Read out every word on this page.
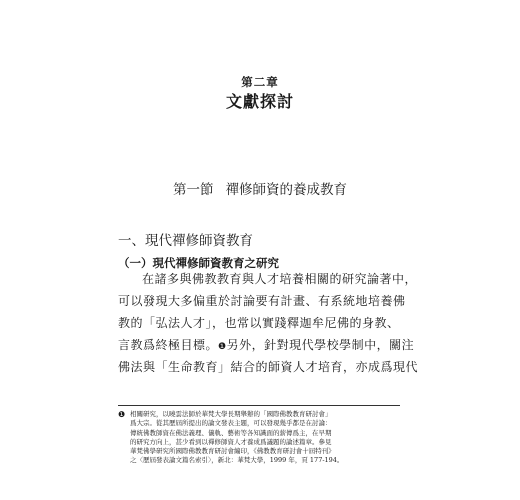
第二章
文獻探討
第一節 禪修師資的養成教育
一、現代禪修師資教育
（一）現代禪修師資教育之研究
在諸多與佛教教育與人才培養相關的研究論著中，
可以發現大多偏重於討論要有計畫、有系統地培養佛
教的「弘法人才」，也常以實踐釋迦牟尼佛的身教、
言教爲終極目標。❶另外，針對現代學校學制中，關注
佛法與「生命教育」結合的師資人才培育，亦成爲現代
❶ 相關研究，以曉雲法師於華梵大學長期舉辦的「國際佛教教育研討會」
爲大宗。從其歷屆所提出的論文發表主題，可以發現幾乎都是在討論：
傳統佛教師資在佛法義理、儀軌、藝術等各知識面的薪傳爲主，在早期
的研究方向上，甚少看到以禪修師資人才養成爲議題的論述篇章。參見
華梵佛學研究所國際佛教教育研討會編印，《佛教教育研討會十屆特刊》
之〈歷屆發表論文篇名索引〉，新北：華梵大學，1999 年，頁 177-194。
